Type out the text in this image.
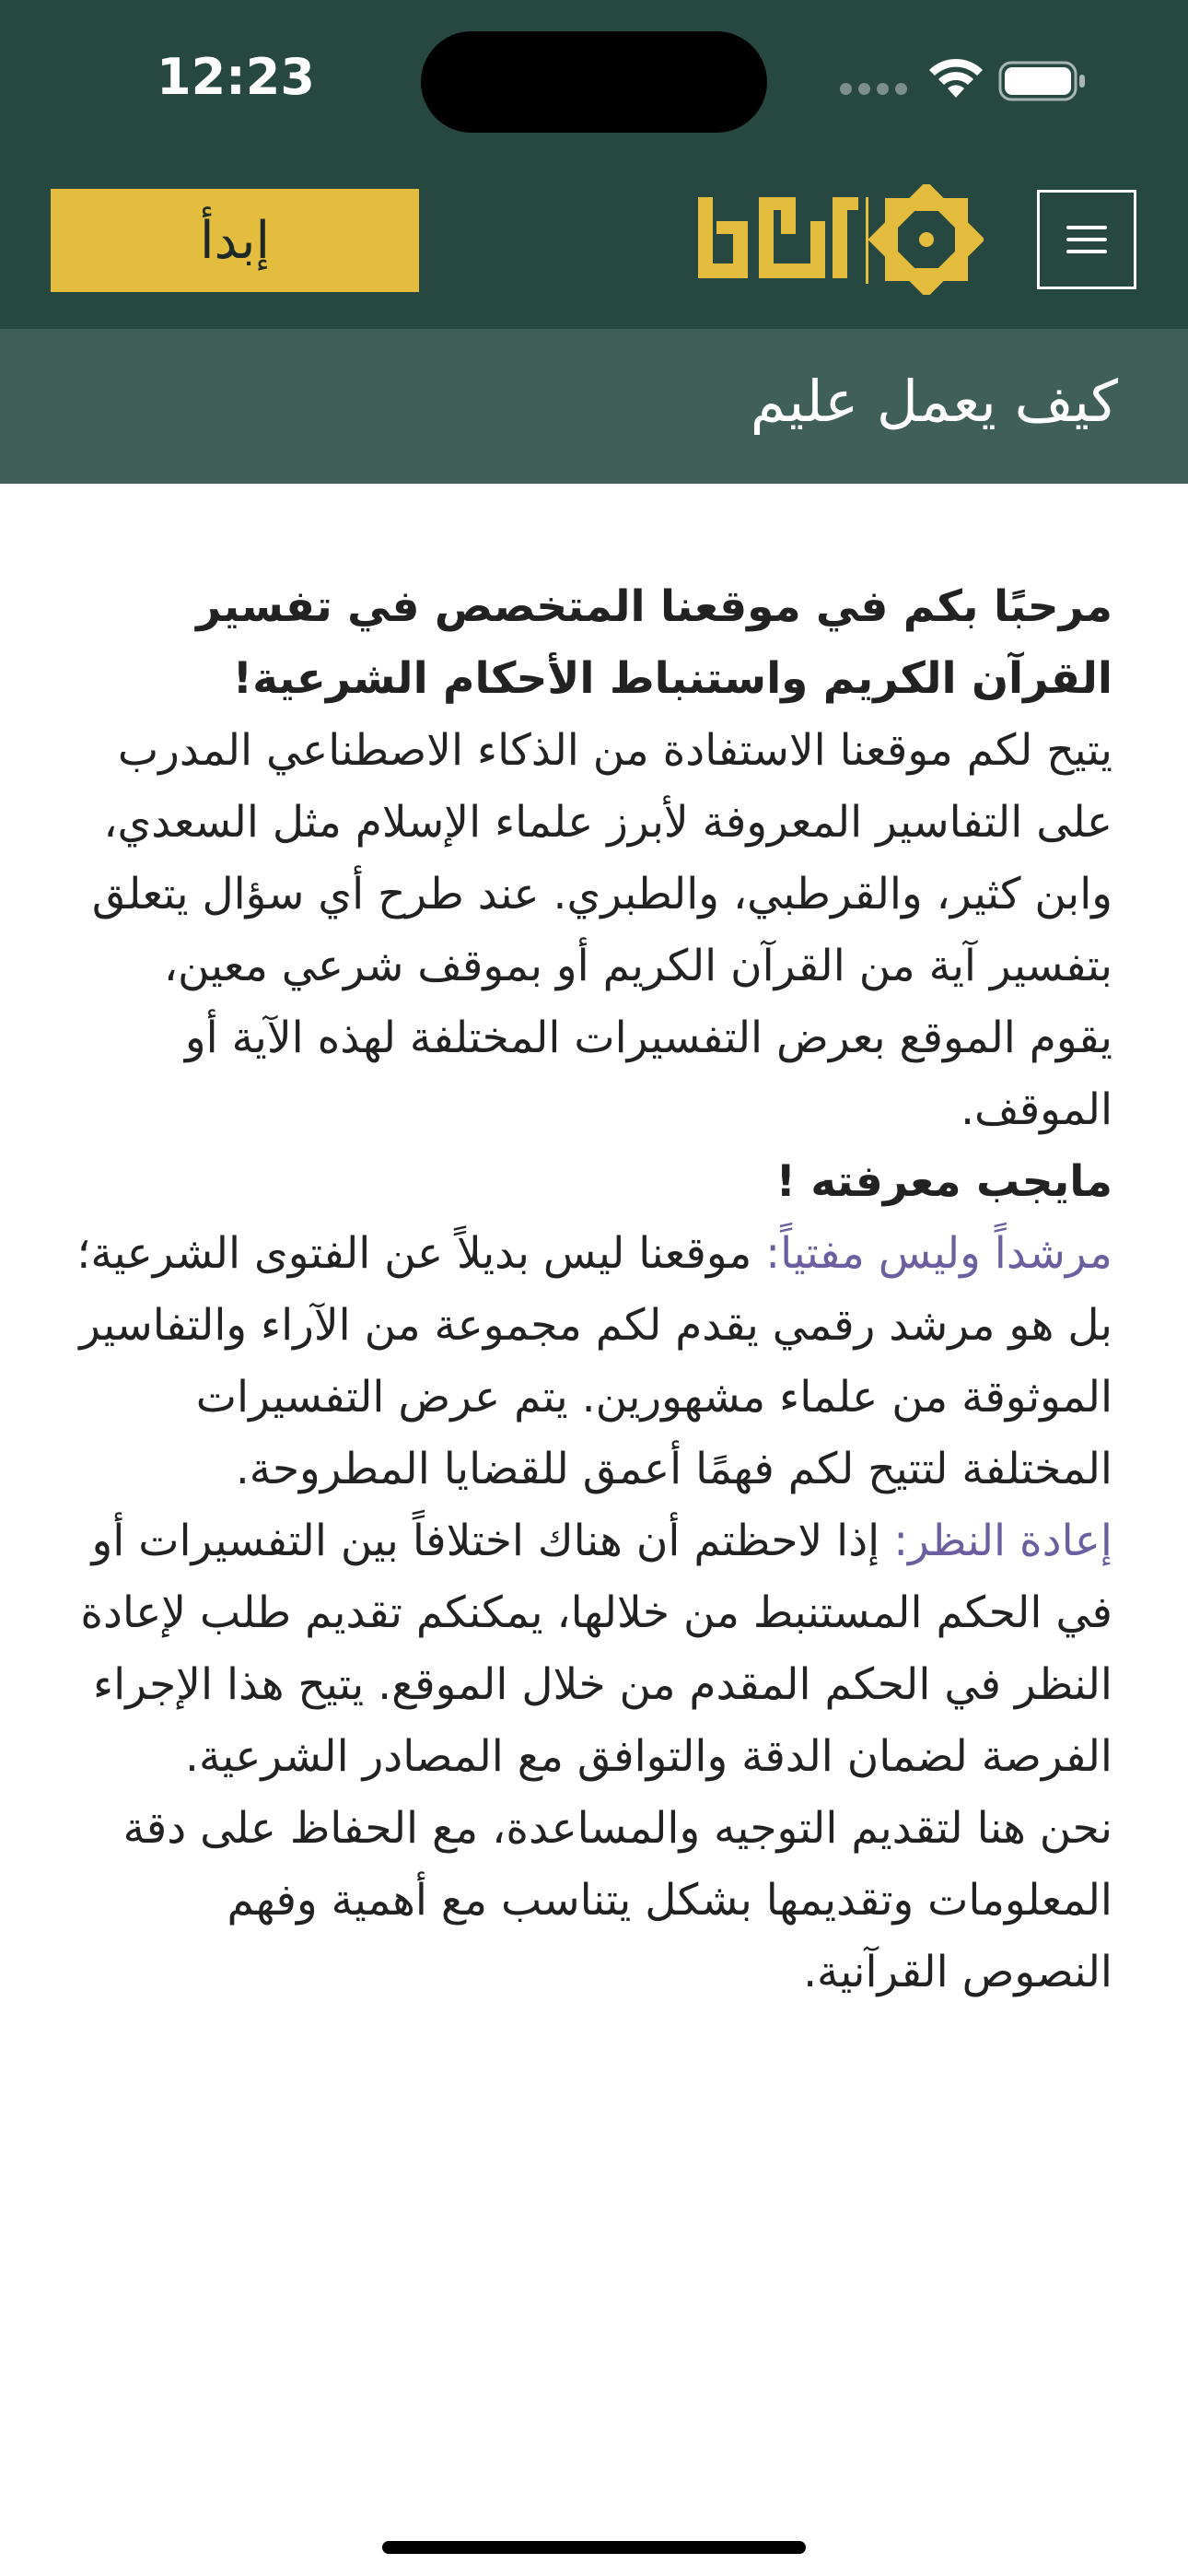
12:23
إبدأ
كيف يعمل عليم

مرحبًا بكم في موقعنا المتخصص في تفسير القرآن الكريم واستنباط الأحكام الشرعية!

يتيح لكم موقعنا الاستفادة من الذكاء الاصطناعي المدرب على التفاسير المعروفة لأبرز علماء الإسلام مثل السعدي، وابن كثير، والقرطبي، والطبري. عند طرح أي سؤال يتعلق بتفسير آية من القرآن الكريم أو بموقف شرعي معين، يقوم الموقع بعرض التفسيرات المختلفة لهذه الآية أو الموقف.

مايجب معرفته !

مرشداً وليس مفتياً: موقعنا ليس بديلاً عن الفتوى الشرعية؛ بل هو مرشد رقمي يقدم لكم مجموعة من الآراء والتفاسير الموثوقة من علماء مشهورين. يتم عرض التفسيرات المختلفة لتتيح لكم فهمًا أعمق للقضايا المطروحة.

إعادة النظر: إذا لاحظتم أن هناك اختلافاً بين التفسيرات أو في الحكم المستنبط من خلالها، يمكنكم تقديم طلب لإعادة النظر في الحكم المقدم من خلال الموقع. يتيح هذا الإجراء الفرصة لضمان الدقة والتوافق مع المصادر الشرعية.

نحن هنا لتقديم التوجيه والمساعدة، مع الحفاظ على دقة المعلومات وتقديمها بشكل يتناسب مع أهمية وفهم النصوص القرآنية.
